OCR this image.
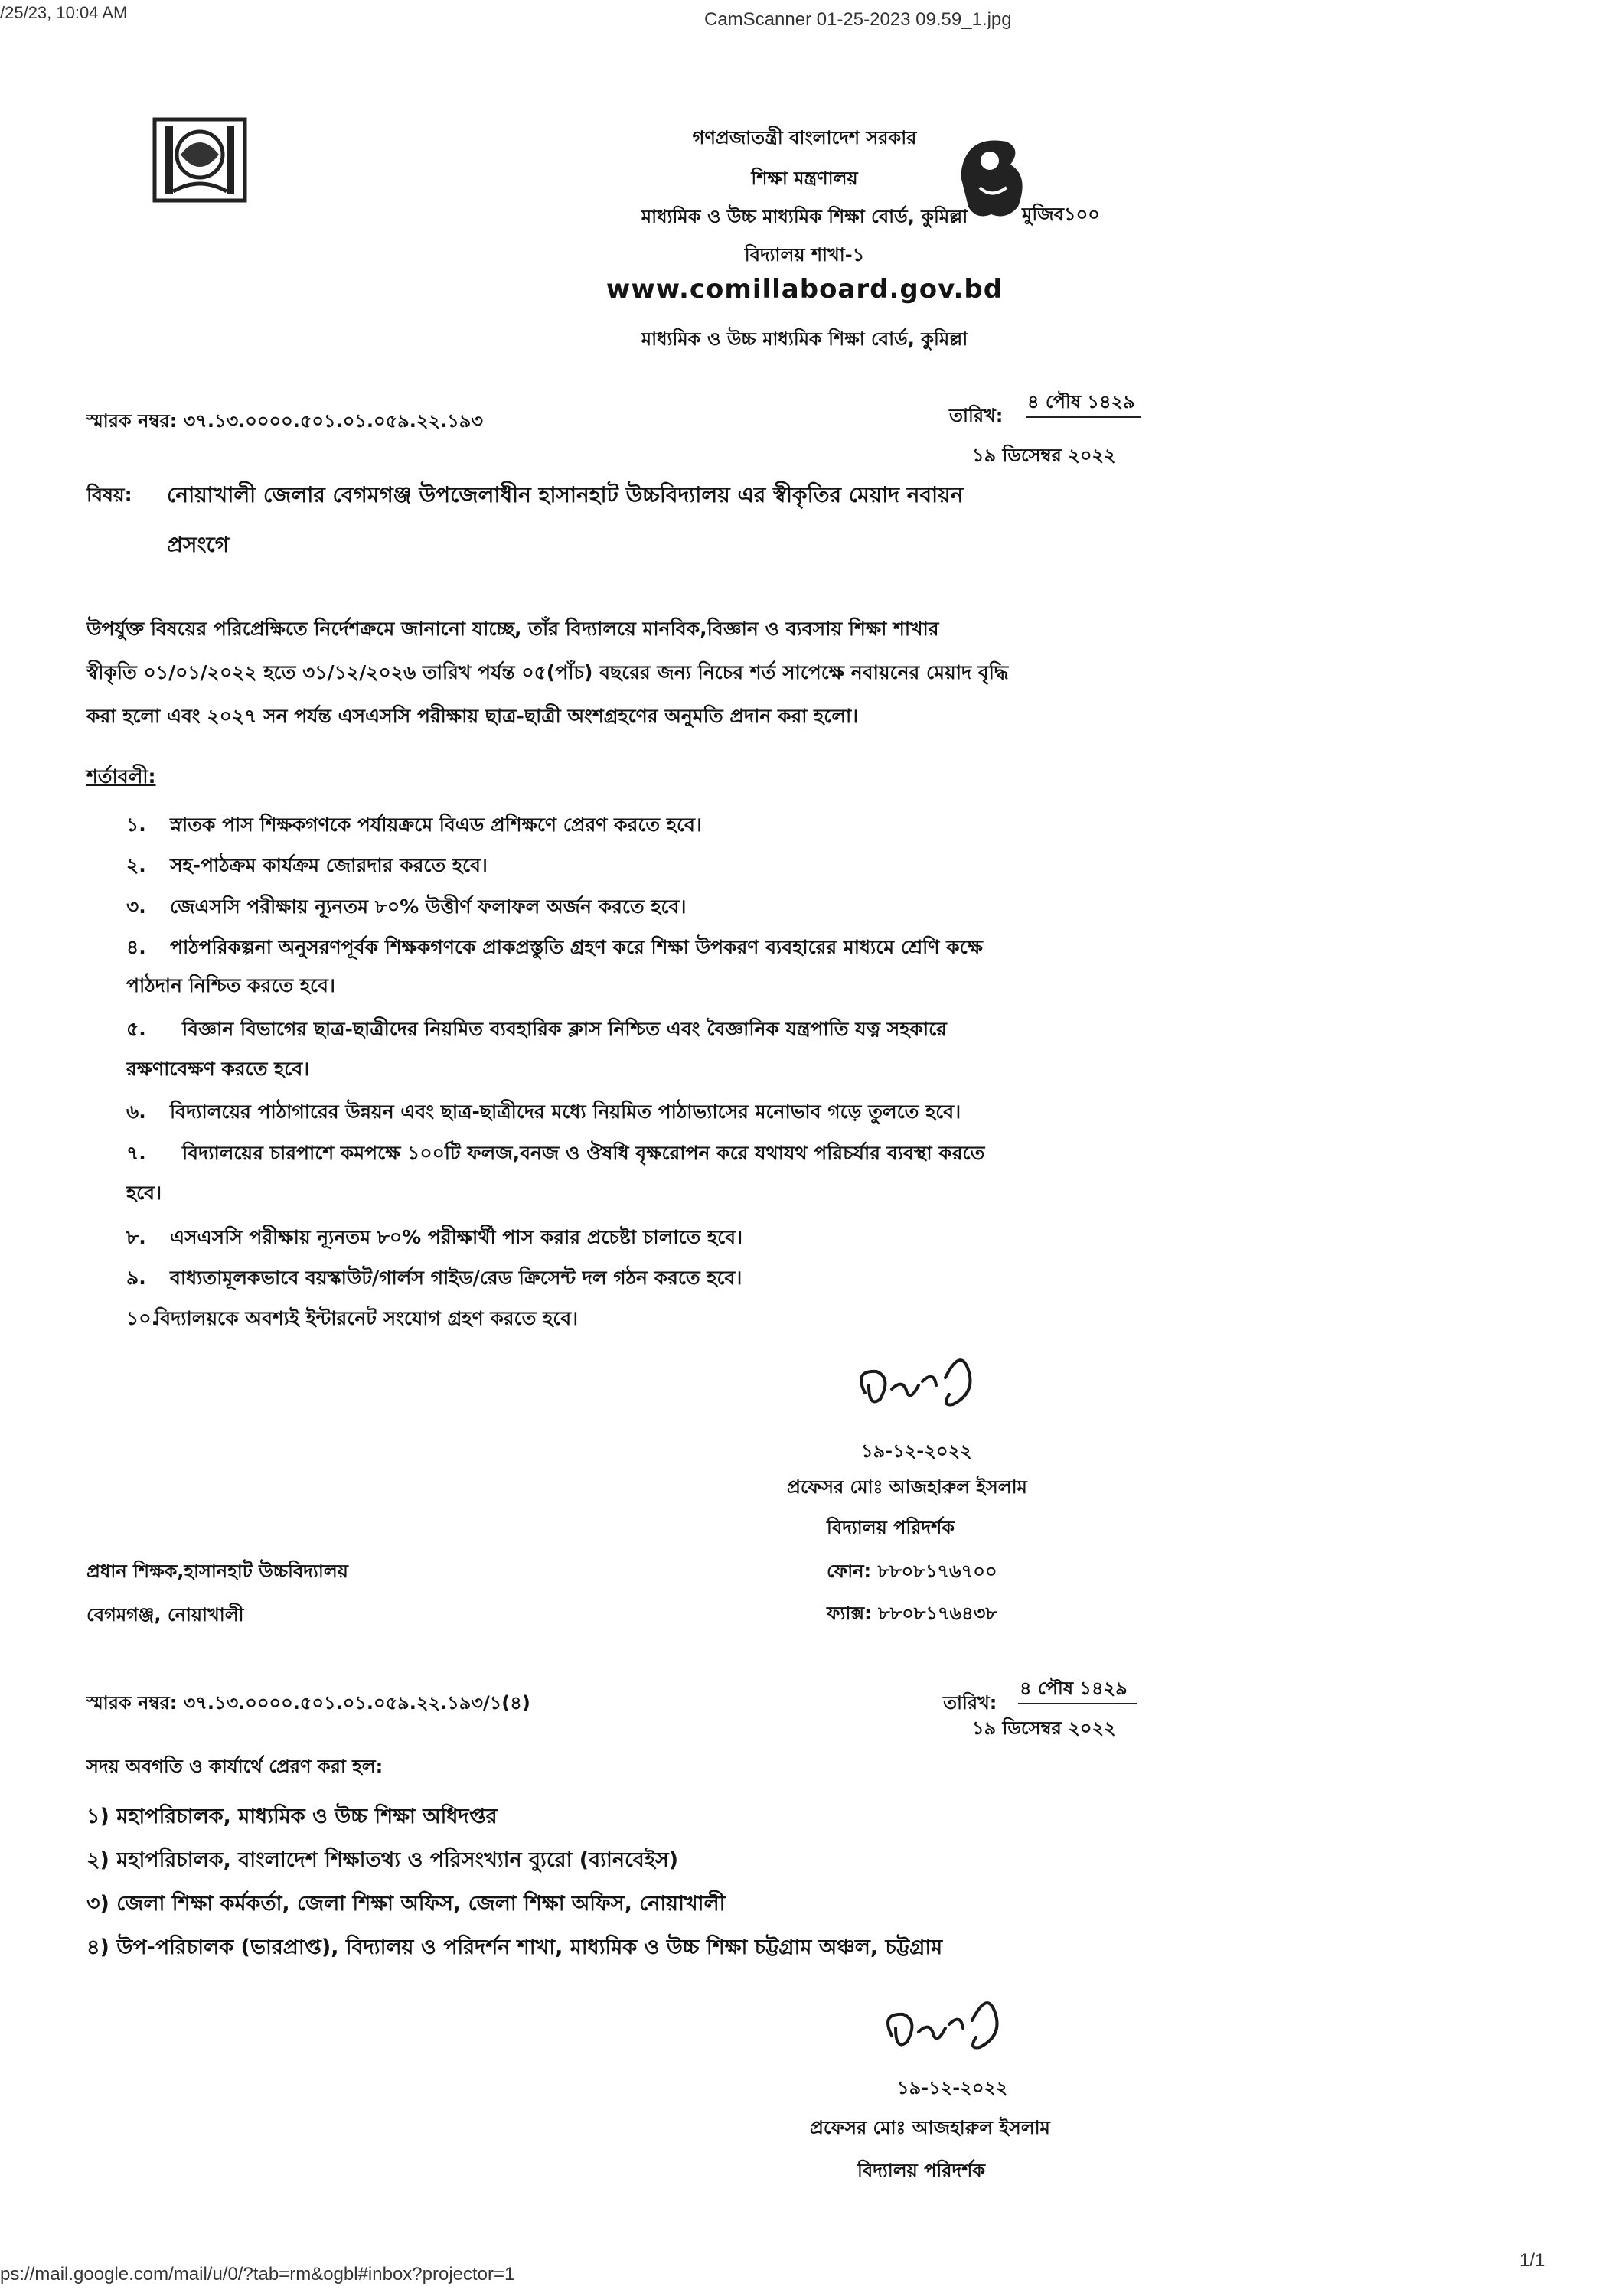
/25/23, 10:04 AM	CamScanner 01-25-2023 09.59_1.jpg
মুজিব১০০
গণপ্রজাতন্ত্রী বাংলাদেশ সরকার
শিক্ষা মন্ত্রণালয়
মাধ্যমিক ও উচ্চ মাধ্যমিক শিক্ষা বোর্ড, কুমিল্লা
বিদ্যালয় শাখা-১
www.comillaboard.gov.bd
মাধ্যমিক ও উচ্চ মাধ্যমিক শিক্ষা বোর্ড, কুমিল্লা
স্মারক নম্বর: ৩৭.১৩.০০০০.৫০১.০১.০৫৯.২২.১৯৩	তারিখ:
৪ পৌষ ১৪২৯
১৯ ডিসেম্বর ২০২২
বিষয়: নোয়াখালী জেলার বেগমগঞ্জ উপজেলাধীন হাসানহাট উচ্চবিদ্যালয় এর স্বীকৃতির মেয়াদ নবায়ন
প্রসংগে
উপর্যুক্ত বিষয়ের পরিপ্রেক্ষিতে নির্দেশক্রমে জানানো যাচ্ছে, তাঁর বিদ্যালয়ে মানবিক,বিজ্ঞান ও ব্যবসায় শিক্ষা শাখার
স্বীকৃতি ০১/০১/২০২২ হতে ৩১/১২/২০২৬ তারিখ পর্যন্ত ০৫(পাঁচ) বছরের জন্য নিচের শর্ত সাপেক্ষে নবায়নের মেয়াদ বৃদ্ধি
করা হলো এবং ২০২৭ সন পর্যন্ত এসএসসি পরীক্ষায় ছাত্র-ছাত্রী অংশগ্রহণের অনুমতি প্রদান করা হলো।
শর্তাবলী:
১. স্নাতক পাস শিক্ষকগণকে পর্যায়ক্রমে বিএড প্রশিক্ষণে প্রেরণ করতে হবে।
২. সহ-পাঠক্রম কার্যক্রম জোরদার করতে হবে।
৩. জেএসসি পরীক্ষায় ন্যূনতম ৮০% উত্তীর্ণ ফলাফল অর্জন করতে হবে।
৪. পাঠপরিকল্পনা অনুসরণপূর্বক শিক্ষকগণকে প্রাকপ্রস্তুতি গ্রহণ করে শিক্ষা উপকরণ ব্যবহারের মাধ্যমে শ্রেণি কক্ষে
পাঠদান নিশ্চিত করতে হবে।
৫. বিজ্ঞান বিভাগের ছাত্র-ছাত্রীদের নিয়মিত ব্যবহারিক ক্লাস নিশ্চিত এবং বৈজ্ঞানিক যন্ত্রপাতি যত্ন সহকারে
রক্ষণাবেক্ষণ করতে হবে।
৬. বিদ্যালয়ের পাঠাগারের উন্নয়ন এবং ছাত্র-ছাত্রীদের মধ্যে নিয়মিত পাঠাভ্যাসের মনোভাব গড়ে তুলতে হবে।
৭. বিদ্যালয়ের চারপাশে কমপক্ষে ১০০টি ফলজ,বনজ ও ঔষধি বৃক্ষরোপন করে যথাযথ পরিচর্যার ব্যবস্থা করতে
হবে।
৮. এসএসসি পরীক্ষায় ন্যূনতম ৮০% পরীক্ষার্থী পাস করার প্রচেষ্টা চালাতে হবে।
৯. বাধ্যতামূলকভাবে বয়স্কাউট/গার্লস গাইড/রেড ক্রিসেন্ট দল গঠন করতে হবে।
১০.
বিদ্যালয়কে অবশ্যই ইন্টারনেট সংযোগ গ্রহণ করতে হবে।
১৯-১২-২০২২
প্রফেসর মোঃ আজহারুল ইসলাম
বিদ্যালয় পরিদর্শক
ফোন: ৮৮০৮১৭৬৭০০
ফ্যাক্স: ৮৮০৮১৭৬৪৩৮
প্রধান শিক্ষক,হাসানহাট উচ্চবিদ্যালয়
বেগমগঞ্জ, নোয়াখালী
স্মারক নম্বর: ৩৭.১৩.০০০০.৫০১.০১.০৫৯.২২.১৯৩/১(৪)	তারিখ:
৪ পৌষ ১৪২৯
১৯ ডিসেম্বর ২০২২
সদয় অবগতি ও কার্যার্থে প্রেরণ করা হল:
১) মহাপরিচালক, মাধ্যমিক ও উচ্চ শিক্ষা অধিদপ্তর
২) মহাপরিচালক, বাংলাদেশ শিক্ষাতথ্য ও পরিসংখ্যান ব্যুরো (ব্যানবেইস)
৩) জেলা শিক্ষা কর্মকর্তা, জেলা শিক্ষা অফিস, জেলা শিক্ষা অফিস, নোয়াখালী
৪) উপ-পরিচালক (ভারপ্রাপ্ত), বিদ্যালয় ও পরিদর্শন শাখা, মাধ্যমিক ও উচ্চ শিক্ষা চট্টগ্রাম অঞ্চল, চট্টগ্রাম
১৯-১২-২০২২
প্রফেসর মোঃ আজহারুল ইসলাম
বিদ্যালয় পরিদর্শক
ps://mail.google.com/mail/u/0/?tab=rm&ogbl#inbox?projector=1
1/1
